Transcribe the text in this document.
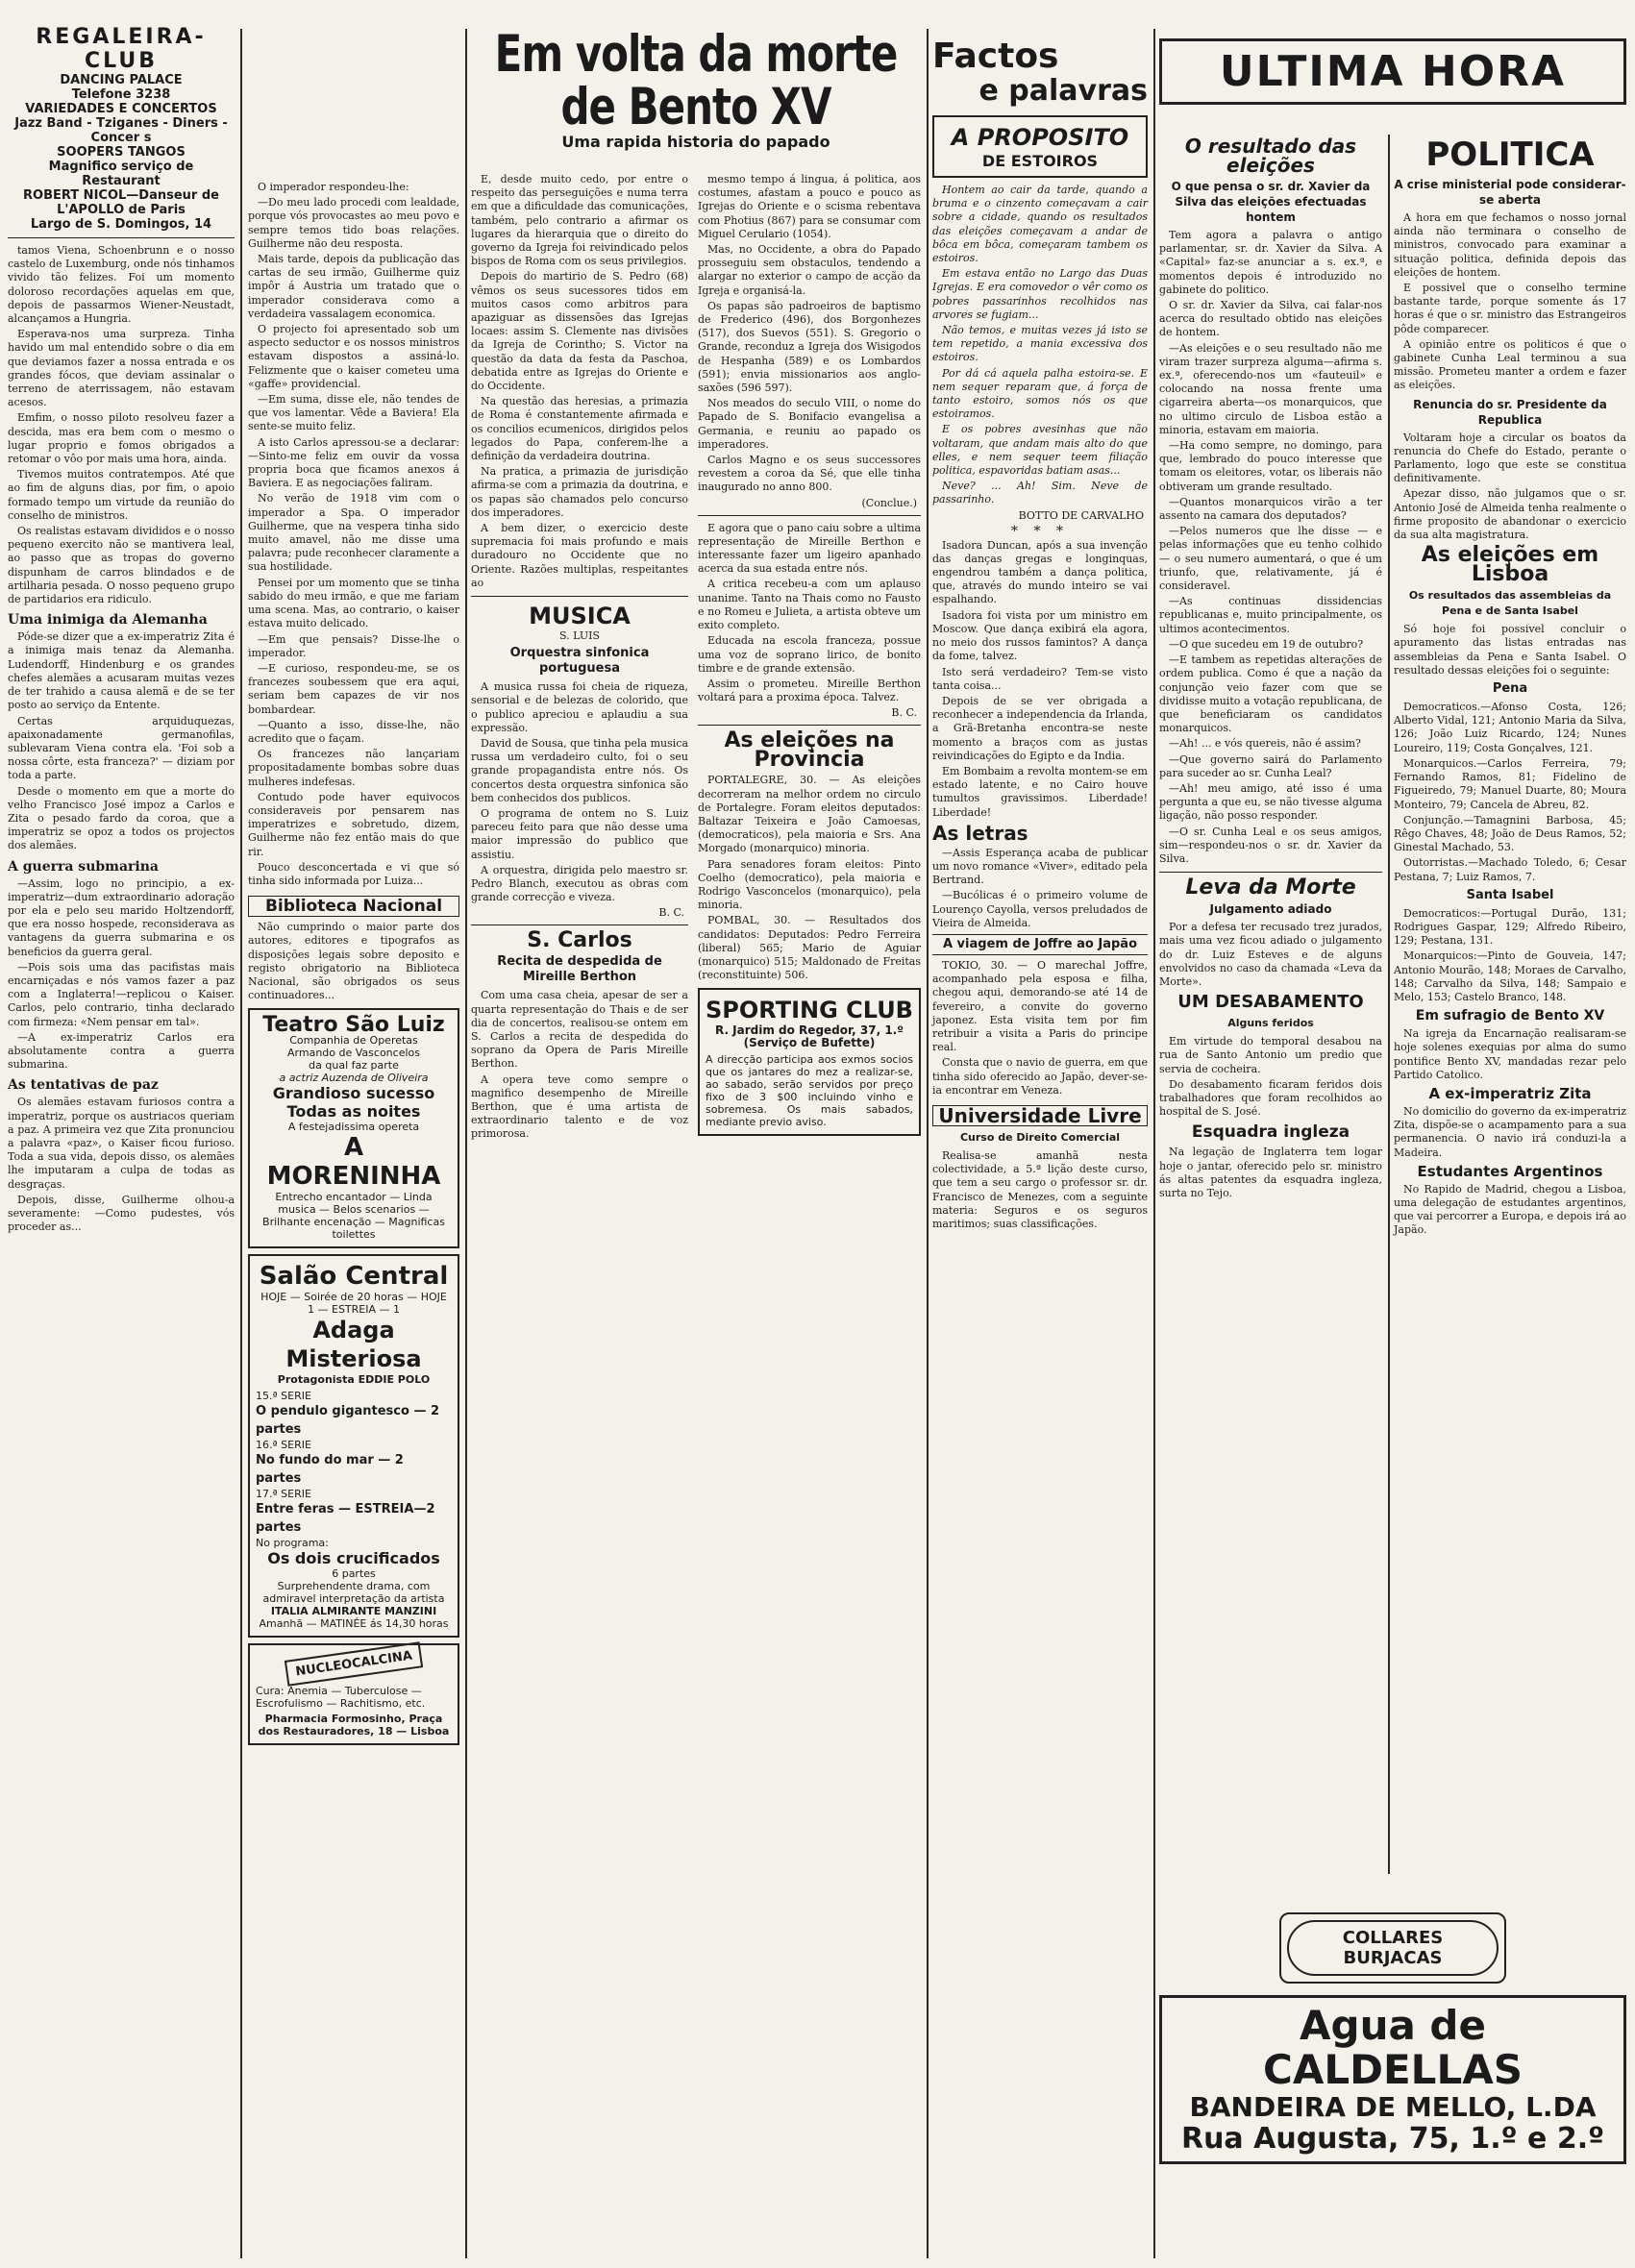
REGALEIRA-CLUB
DANCING PALACE
Telefone 3238
VARIEDADES E CONCERTOS
Jazz Band - Tziganes - Diners - Concer s
SOOPERS TANGOS
Magnifico serviço de Restaurant
ROBERT NICOL—Danseur de L'APOLLO de Paris
Largo de S. Domingos, 14

tamos Viena, Schoenbrunn e o nosso castelo de Luxemburg, onde nós tinhamos vivido tão felizes. Foi um momento doloroso recordações aquelas em que, depois de passarmos Wiener-Neustadt, alcançamos a Hungria.

Esperava-nos uma surpreza. Tinha havido um mal entendido sobre o dia em que deviamos fazer a nossa entrada e os grandes fócos, que deviam assinalar o terreno de aterrissagem, não estavam acesos.

Emfim, o nosso piloto resolveu fazer a descida, mas era bem com o mesmo o lugar proprio e fomos obrigados a retomar o vôo por mais uma hora, ainda.

Tivemos muitos contratempos. Até que ao fim de alguns dias, por fim, o apoio formado tempo um virtude da reunião do conselho de ministros.

Os realistas estavam divididos e o nosso pequeno exercito não se mantivera leal, ao passo que as tropas do governo dispunham de carros blindados e de artilharia pesada. O nosso pequeno grupo de partidarios era ridiculo.

Uma inimiga da Alemanha

Póde-se dizer que a ex-imperatriz Zita é a inimiga mais tenaz da Alemanha. Ludendorff, Hindenburg e os grandes chefes alemães a acusaram muitas vezes de ter trahido a causa alemã e de se ter posto ao serviço da Entente.

Certas arquiduquezas, apaixonadamente germanofilas, sublevaram Viena contra ela. 'Foi sob a nossa côrte, esta franceza?' — diziam por toda a parte.

Desde o momento em que a morte do velho Francisco José impoz a Carlos e Zita o pesado fardo da coroa, que a imperatriz se opoz a todos os projectos dos alemães.

A guerra submarina

—Assim, logo no principio, a ex-imperatriz—dum extraordinario adoração por ela e pelo seu marido Holtzendorff, que era nosso hospede, reconsiderava as vantagens da guerra submarina e os beneficios da guerra geral.

—Pois sois uma das pacifistas mais encarniçadas e nós vamos fazer a paz com a Inglaterra!—replicou o Kaiser. Carlos, pelo contrario, tinha declarado com firmeza: «Nem pensar em tal».

—A ex-imperatriz Carlos era absolutamente contra a guerra submarina.

As tentativas de paz

Os alemães estavam furiosos contra a imperatriz, porque os austriacos queriam a paz. A primeira vez que Zita pronunciou a palavra «paz», o Kaiser ficou furioso. Toda a sua vida, depois disso, os alemães lhe imputaram a culpa de todas as desgraças.

Depois, disse, Guilherme olhou-a severamente: —Como pudestes, vós proceder as...

O imperador respondeu-lhe:

—Do meu lado procedi com lealdade, porque vós provocastes ao meu povo e sempre temos tido boas relações. Guilherme não deu resposta.

Mais tarde, depois da publicação das cartas de seu irmão, Guilherme quiz impôr á Austria um tratado que o imperador considerava como a verdadeira vassalagem economica.

O projecto foi apresentado sob um aspecto seductor e os nossos ministros estavam dispostos a assiná-lo. Felizmente que o kaiser cometeu uma «gaffe» providencial.

—Em suma, disse ele, não tendes de que vos lamentar. Vêde a Baviera! Ela sente-se muito feliz.

A isto Carlos apressou-se a declarar: —Sinto-me feliz em ouvir da vossa propria boca que ficamos anexos á Baviera. E as negociações faliram.

No verão de 1918 vim com o imperador a Spa. O imperador Guilherme, que na vespera tinha sido muito amavel, não me disse uma palavra; pude reconhecer claramente a sua hostilidade.

Pensei por um momento que se tinha sabido do meu irmão, e que me fariam uma scena. Mas, ao contrario, o kaiser estava muito delicado.

—Em que pensais? Disse-lhe o imperador.

—E curioso, respondeu-me, se os francezes soubessem que era aqui, seriam bem capazes de vir nos bombardear.

—Quanto a isso, disse-lhe, não acredito que o façam.

Os francezes não lançariam propositadamente bombas sobre duas mulheres indefesas.

Contudo pode haver equivocos consideraveis por pensarem nas imperatrizes e sobretudo, dizem, Guilherme não fez então mais do que rir.

Pouco desconcertada e vi que só tinha sido informada por Luiza...

Biblioteca Nacional

Não cumprindo o maior parte dos autores, editores e tipografos as disposições legais sobre deposito e registo obrigatorio na Biblioteca Nacional, são obrigados os seus continuadores...

Teatro São Luiz
Companhia de Operetas
Armando de Vasconcelos
da qual faz parte
a actriz Auzenda de Oliveira
Grandioso sucesso
Todas as noites
A festejadissima opereta
A MORENINHA
Entrecho encantador — Linda musica — Belos scenarios — Brilhante encenação — Magnificas toilettes
Salão Central
HOJE — Soirée de 20 horas — HOJE
1 — ESTREIA — 1
Adaga Misteriosa
Protagonista EDDIE POLO
15.ª SERIE
O pendulo gigantesco — 2 partes
16.ª SERIE
No fundo do mar — 2 partes
17.ª SERIE
Entre feras — ESTREIA—2 partes
No programa:
Os dois crucificados
6 partes
Surprehendente drama, com admiravel interpretação da artista
ITALIA ALMIRANTE MANZINI
Amanhã — MATINÉE ás 14,30 horas
NUCLEOCALCINA
Cura: Anemia — Tuberculose — Escrofulismo — Rachitismo, etc.
Pharmacia Formosinho, Praça dos Restauradores, 18 — Lisboa
Em volta da morte de Bento XV
Uma rapida historia do papado

E, desde muito cedo, por entre o respeito das perseguições e numa terra em que a dificuldade das comunicações, também, pelo contrario a afirmar os lugares da hierarquia que o direito do governo da Igreja foi reivindicado pelos bispos de Roma com os seus privilegios.

Depois do martirio de S. Pedro (68) vêmos os seus sucessores tidos em muitos casos como arbitros para apaziguar as dissensões das Igrejas locaes: assim S. Clemente nas divisões da Igreja de Corintho; S. Victor na questão da data da festa da Paschoa, debatida entre as Igrejas do Oriente e do Occidente.

Na questão das heresias, a primazia de Roma é constantemente afirmada e os concilios ecumenicos, dirigidos pelos legados do Papa, conferem-lhe a definição da verdadeira doutrina.

Na pratica, a primazia de jurisdição afirma-se com a primazia da doutrina, e os papas são chamados pelo concurso dos imperadores.

A bem dizer, o exercicio deste supremacia foi mais profundo e mais duradouro no Occidente que no Oriente. Razões multiplas, respeitantes ao

MUSICA
S. LUIS
Orquestra sinfonica portuguesa

A musica russa foi cheia de riqueza, sensorial e de belezas de colorido, que o publico apreciou e aplaudiu a sua expressão.

David de Sousa, que tinha pela musica russa um verdadeiro culto, foi o seu grande propagandista entre nós. Os concertos desta orquestra sinfonica são bem conhecidos dos publicos.

O programa de ontem no S. Luiz pareceu feito para que não desse uma maior impressão do publico que assistiu.

A orquestra, dirigida pelo maestro sr. Pedro Blanch, executou as obras com grande correcção e viveza.

B. C.
S. Carlos
Recita de despedida de Mireille Berthon

Com uma casa cheia, apesar de ser a quarta representação do Thais e de ser dia de concertos, realisou-se ontem em S. Carlos a recita de despedida do soprano da Opera de Paris Mireille Berthon.

A opera teve como sempre o magnifico desempenho de Mireille Berthon, que é uma artista de extraordinario talento e de voz primorosa.

mesmo tempo á lingua, á politica, aos costumes, afastam a pouco e pouco as Igrejas do Oriente e o scisma rebentava com Photius (867) para se consumar com Miguel Cerulario (1054).

Mas, no Occidente, a obra do Papado prosseguiu sem obstaculos, tendendo a alargar no exterior o campo de acção da Igreja e organisá-la.

Os papas são padroeiros de baptismo de Frederico (496), dos Borgonhezes (517), dos Suevos (551). S. Gregorio o Grande, reconduz a Igreja dos Wisigodos de Hespanha (589) e os Lombardos (591); envia missionarios aos anglo-saxões (596 597).

Nos meados do seculo VIII, o nome do Papado de S. Bonifacio evangelisa a Germania, e reuniu ao papado os imperadores.

Carlos Magno e os seus successores revestem a coroa da Sé, que elle tinha inaugurado no anno 800.

(Conclue.)

E agora que o pano caiu sobre a ultima representação de Mireille Berthon e interessante fazer um ligeiro apanhado acerca da sua estada entre nós.

A critica recebeu-a com um aplauso unanime. Tanto na Thais como no Fausto e no Romeu e Julieta, a artista obteve um exito completo.

Educada na escola franceza, possue uma voz de soprano lirico, de bonito timbre e de grande extensão.

Assim o prometeu. Mireille Berthon voltará para a proxima época. Talvez.

B. C.
As eleições na Provincia

PORTALEGRE, 30. — As eleições decorreram na melhor ordem no circulo de Portalegre. Foram eleitos deputados: Baltazar Teixeira e João Camoesas, (democraticos), pela maioria e Srs. Ana Morgado (monarquico) minoria.

Para senadores foram eleitos: Pinto Coelho (democratico), pela maioria e Rodrigo Vasconcelos (monarquico), pela minoria.

POMBAL, 30. — Resultados dos candidatos: Deputados: Pedro Ferreira (liberal) 565; Mario de Aguiar (monarquico) 515; Maldonado de Freitas (reconstituinte) 506.

SPORTING CLUB
R. Jardim do Regedor, 37, 1.º
(Serviço de Bufette)
A direcção participa aos exmos socios que os jantares do mez a realizar-se, ao sabado, serão servidos por preço fixo de 3 $00 incluindo vinho e sobremesa. Os mais sabados, mediante previo aviso.
Factos
e palavras
A PROPOSITO
DE ESTOIROS

Hontem ao cair da tarde, quando a bruma e o cinzento começavam a cair sobre a cidade, quando os resultados das eleições começavam a andar de bôca em bôca, começaram tambem os estoiros.

Em estava então no Largo das Duas Igrejas. E era comovedor o vêr como os pobres passarinhos recolhidos nas arvores se fugiam...

Não temos, e muitas vezes já isto se tem repetido, a mania excessiva dos estoiros.

Por dá cá aquela palha estoira-se. E nem sequer reparam que, á força de tanto estoiro, somos nós os que estoiramos.

E os pobres avesinhas que não voltaram, que andam mais alto do que elles, e nem sequer teem filiação politica, espavoridas batiam asas...

Neve? ... Ah! Sim. Neve de passarinho.

BOTTO DE CARVALHO
* * *

Isadora Duncan, após a sua invenção das danças gregas e longinquas, engendrou também a dança politica, que, através do mundo inteiro se vai espalhando.

Isadora foi vista por um ministro em Moscow. Que dança exibirá ela agora, no meio dos russos famintos? A dança da fome, talvez.

Isto será verdadeiro? Tem-se visto tanta coisa...

Depois de se ver obrigada a reconhecer a independencia da Irlanda, a Grã-Bretanha encontra-se neste momento a braços com as justas reivindicações do Egipto e da India.

Em Bombaim a revolta montem-se em estado latente, e no Cairo houve tumultos gravissimos. Liberdade! Liberdade!

As letras

—Assis Esperança acaba de publicar um novo romance «Viver», editado pela Bertrand.

—Bucólicas é o primeiro volume de Lourenço Cayolla, versos preludados de Vieira de Almeida.

A viagem de Joffre ao Japão

TOKIO, 30. — O marechal Joffre, acompanhado pela esposa e filha, chegou aqui, demorando-se até 14 de fevereiro, a convite do governo japonez. Esta visita tem por fim retribuir a visita a Paris do principe real.

Consta que o navio de guerra, em que tinha sido oferecido ao Japão, dever-se-ia encontrar em Veneza.

Universidade Livre
Curso de Direito Comercial

Realisa-se amanhã nesta colectividade, a 5.ª lição deste curso, que tem a seu cargo o professor sr. dr. Francisco de Menezes, com a seguinte materia: Seguros e os seguros maritimos; suas classificações.

ULTIMA HORA
O resultado das eleições
O que pensa o sr. dr. Xavier da Silva das eleições efectuadas hontem

Tem agora a palavra o antigo parlamentar, sr. dr. Xavier da Silva. A «Capital» faz-se anunciar a s. ex.ª, e momentos depois é introduzido no gabinete do politico.

O sr. dr. Xavier da Silva, cai falar-nos acerca do resultado obtido nas eleições de hontem.

—As eleições e o seu resultado não me viram trazer surpreza alguma—afirma s. ex.ª, oferecendo-nos um «fauteuil» e colocando na nossa frente uma cigarreira aberta—os monarquicos, que no ultimo circulo de Lisboa estão a minoria, estavam em maioria.

—Ha como sempre, no domingo, para que, lembrado do pouco interesse que tomam os eleitores, votar, os liberais não obtiveram um grande resultado.

—Quantos monarquicos virão a ter assento na camara dos deputados?

—Pelos numeros que lhe disse — e pelas informações que eu tenho colhido — o seu numero aumentará, o que é um triunfo, que, relativamente, já é consideravel.

—As continuas dissidencias republicanas e, muito principalmente, os ultimos acontecimentos.

—O que sucedeu em 19 de outubro?

—E tambem as repetidas alterações de ordem publica. Como é que a nação da conjunção veio fazer com que se dividisse muito a votação republicana, de que beneficiaram os candidatos monarquicos.

—Ah! ... e vós quereis, não é assim?

—Que governo sairá do Parlamento para suceder ao sr. Cunha Leal?

—Ah! meu amigo, até isso é uma pergunta a que eu, se não tivesse alguma ligação, não posso responder.

—O sr. Cunha Leal e os seus amigos, sim—respondeu-nos o sr. dr. Xavier da Silva.

Leva da Morte
Julgamento adiado

Por a defesa ter recusado trez jurados, mais uma vez ficou adiado o julgamento do dr. Luiz Esteves e de alguns envolvidos no caso da chamada «Leva da Morte».

UM DESABAMENTO
Alguns feridos

Em virtude do temporal desabou na rua de Santo Antonio um predio que servia de cocheira.

Do desabamento ficaram feridos dois trabalhadores que foram recolhidos ao hospital de S. José.

Esquadra ingleza

Na legação de Inglaterra tem logar hoje o jantar, oferecido pelo sr. ministro ás altas patentes da esquadra ingleza, surta no Tejo.

POLITICA
A crise ministerial pode considerar-se aberta

A hora em que fechamos o nosso jornal ainda não terminara o conselho de ministros, convocado para examinar a situação politica, definida depois das eleições de hontem.

E possivel que o conselho termine bastante tarde, porque somente ás 17 horas é que o sr. ministro das Estrangeiros pôde comparecer.

A opinião entre os politicos é que o gabinete Cunha Leal terminou a sua missão. Prometeu manter a ordem e fazer as eleições.

Renuncia do sr. Presidente da Republica

Voltaram hoje a circular os boatos da renuncia do Chefe do Estado, perante o Parlamento, logo que este se constitua definitivamente.

Apezar disso, não julgamos que o sr. Antonio José de Almeida tenha realmente o firme proposito de abandonar o exercicio da sua alta magistratura.

As eleições em Lisboa
Os resultados das assembleias da Pena e de Santa Isabel

Só hoje foi possivel concluir o apuramento das listas entradas nas assembleias da Pena e Santa Isabel. O resultado dessas eleições foi o seguinte:

Pena

Democraticos.—Afonso Costa, 126; Alberto Vidal, 121; Antonio Maria da Silva, 126; João Luiz Ricardo, 124; Nunes Loureiro, 119; Costa Gonçalves, 121.

Monarquicos.—Carlos Ferreira, 79; Fernando Ramos, 81; Fidelino de Figueiredo, 79; Manuel Duarte, 80; Moura Monteiro, 79; Cancela de Abreu, 82.

Conjunção.—Tamagnini Barbosa, 45; Rêgo Chaves, 48; João de Deus Ramos, 52; Ginestal Machado, 53.

Outorristas.—Machado Toledo, 6; Cesar Pestana, 7; Luiz Ramos, 7.

Santa Isabel

Democraticos:—Portugal Durão, 131; Rodrigues Gaspar, 129; Alfredo Ribeiro, 129; Pestana, 131.

Monarquicos:—Pinto de Gouveia, 147; Antonio Mourão, 148; Moraes de Carvalho, 148; Carvalho da Silva, 148; Sampaio e Melo, 153; Castelo Branco, 148.

Em sufragio de Bento XV

Na igreja da Encarnação realisaram-se hoje solenes exequias por alma do sumo pontifice Bento XV, mandadas rezar pelo Partido Catolico.

A ex-imperatriz Zita

No domicilio do governo da ex-imperatriz Zita, dispõe-se o acampamento para a sua permanencia. O navio irá conduzi-la a Madeira.

Estudantes Argentinos

No Rapido de Madrid, chegou a Lisboa, uma delegação de estudantes argentinos, que vai percorrer a Europa, e depois irá ao Japão.

COLLARES BURJACAS
Agua de CALDELLAS
BANDEIRA DE MELLO, L.DA
Rua Augusta, 75, 1.º e 2.º
